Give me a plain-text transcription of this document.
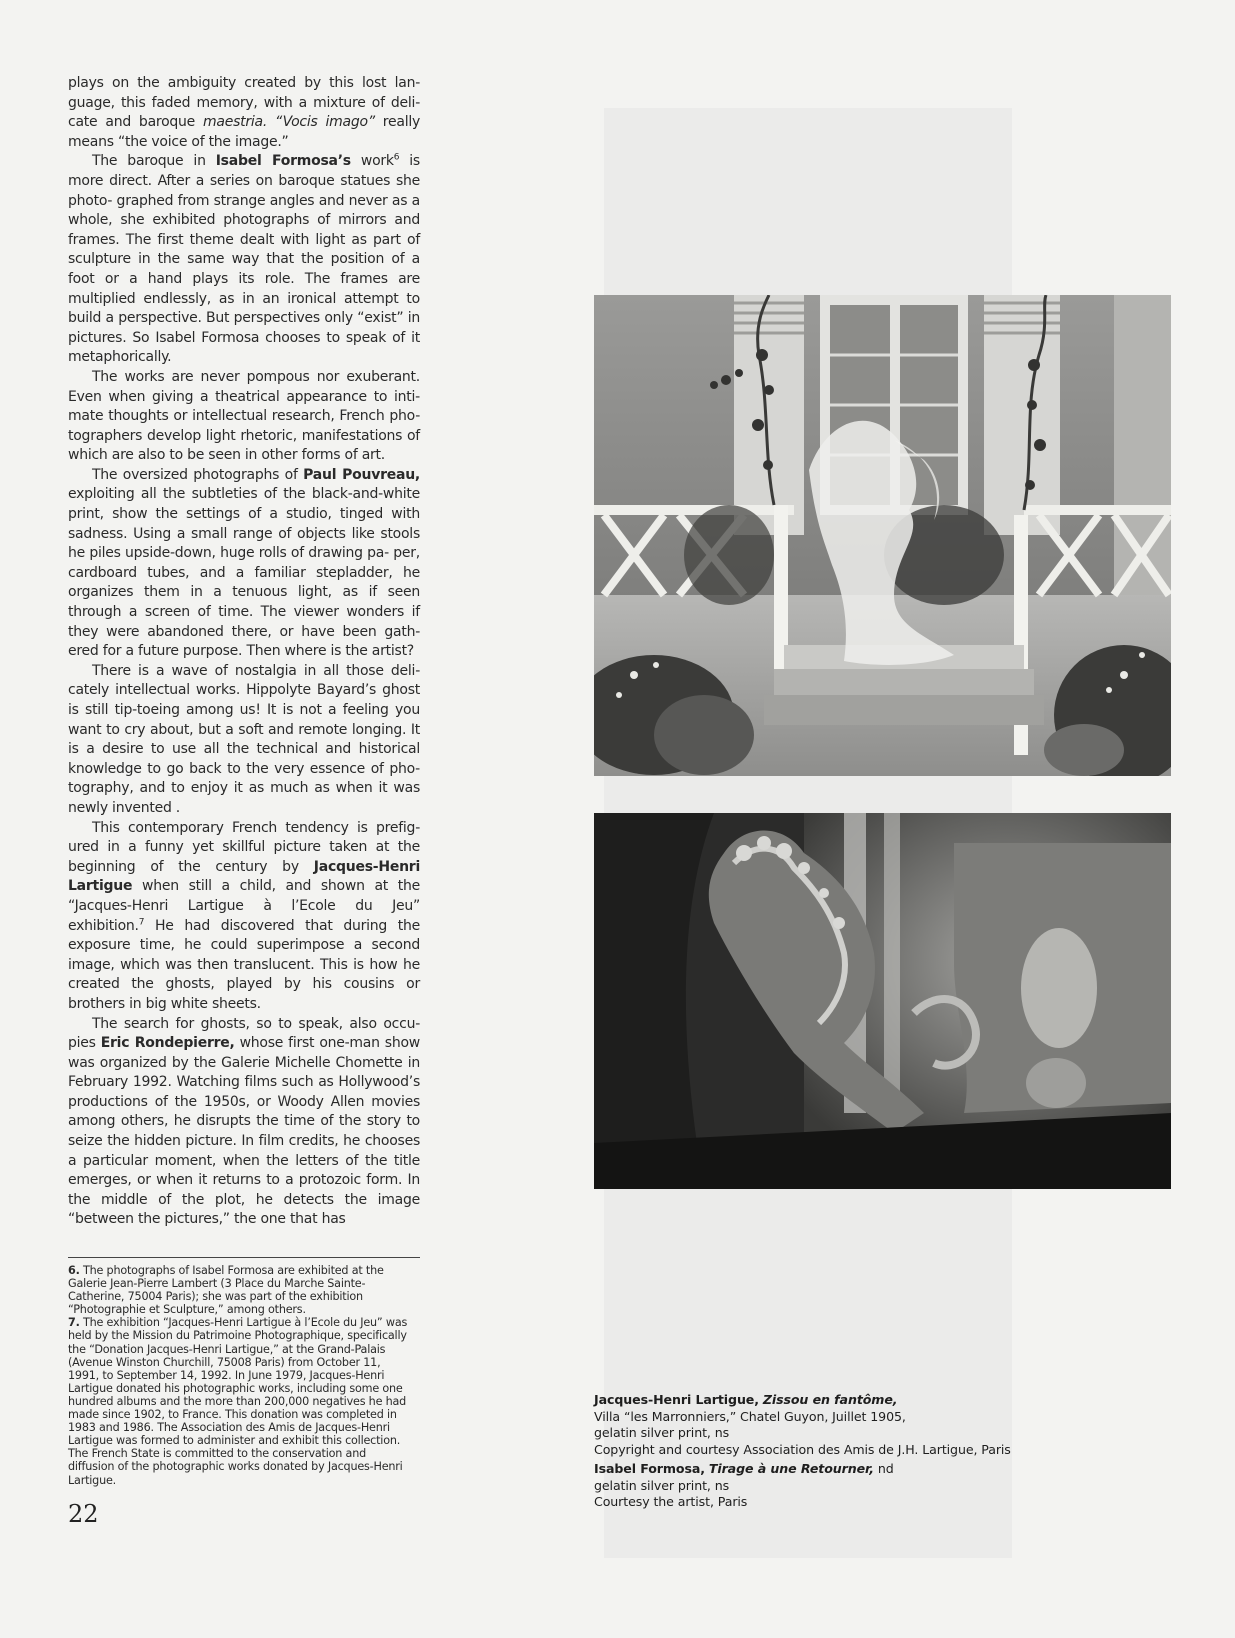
plays on the ambiguity created by this lost lan- guage, this faded memory, with a mixture of deli- cate and baroque maestria. “Vocis imago” really means “the voice of the image.”

The baroque in Isabel Formosa’s work$^6$ is more direct. After a series on baroque statues she photo- graphed from strange angles and never as a whole, she exhibited photographs of mirrors and frames. The first theme dealt with light as part of sculpture in the same way that the position of a foot or a hand plays its role. The frames are multiplied endlessly, as in an ironical attempt to build a perspective. But perspectives only “exist” in pictures. So Isabel Formosa chooses to speak of it metaphorically.

The works are never pompous nor exuberant. Even when giving a theatrical appearance to inti- mate thoughts or intellectual research, French pho- tographers develop light rhetoric, manifestations of which are also to be seen in other forms of art.

The oversized photographs of Paul Pouvreau, exploiting all the subtleties of the black-and-white print, show the settings of a studio, tinged with sadness. Using a small range of objects like stools he piles upside-down, huge rolls of drawing pa- per, cardboard tubes, and a familiar stepladder, he organizes them in a tenuous light, as if seen through a screen of time. The viewer wonders if they were abandoned there, or have been gath- ered for a future purpose. Then where is the artist?

There is a wave of nostalgia in all those deli- cately intellectual works. Hippolyte Bayard’s ghost is still tip-toeing among us! It is not a feeling you want to cry about, but a soft and remote longing. It is a desire to use all the technical and historical knowledge to go back to the very essence of pho- tography, and to enjoy it as much as when it was newly invented .

This contemporary French tendency is prefig- ured in a funny yet skillful picture taken at the beginning of the century by Jacques-Henri Lartigue when still a child, and shown at the “Jacques-Henri Lartigue à l’Ecole du Jeu” exhibition.$^7$ He had discovered that during the exposure time, he could superimpose a second image, which was then translucent. This is how he created the ghosts, played by his cousins or brothers in big white sheets.

The search for ghosts, so to speak, also occu- pies Eric Rondepierre, whose first one-man show was organized by the Galerie Michelle Chomette in February 1992. Watching films such as Hollywood’s productions of the 1950s, or Woody Allen movies among others, he disrupts the time of the story to seize the hidden picture. In film credits, he chooses a particular moment, when the letters of the title emerges, or when it returns to a protozoic form. In the middle of the plot, he detects the image “between the pictures,” the one that has

6. The photographs of Isabel Formosa are exhibited at the Galerie Jean-Pierre Lambert (3 Place du Marche Sainte-Catherine, 75004 Paris); she was part of the exhibition “Photographie et Sculpture,” among others.

7. The exhibition “Jacques-Henri Lartigue à l’Ecole du Jeu” was held by the Mission du Patrimoine Photographique, specifically the “Donation Jacques-Henri Lartigue,” at the Grand-Palais (Avenue Winston Churchill, 75008 Paris) from October 11, 1991, to September 14, 1992. In June 1979, Jacques-Henri Lartigue donated his photographic works, including some one hundred albums and the more than 200,000 negatives he had made since 1902, to France. This donation was completed in 1983 and 1986. The Association des Amis de Jacques-Henri Lartigue was formed to administer and exhibit this collection. The French State is committed to the conservation and diffusion of the photographic works donated by Jacques-Henri Lartigue.

22
Jacques-Henri Lartigue, Zissou en fantôme,
Villa “les Marronniers,” Chatel Guyon, Juillet 1905,
gelatin silver print, ns
Copyright and courtesy Association des Amis de J.H. Lartigue, Paris
Isabel Formosa, Tirage à une Retourner, nd
gelatin silver print, ns
Courtesy the artist, Paris
